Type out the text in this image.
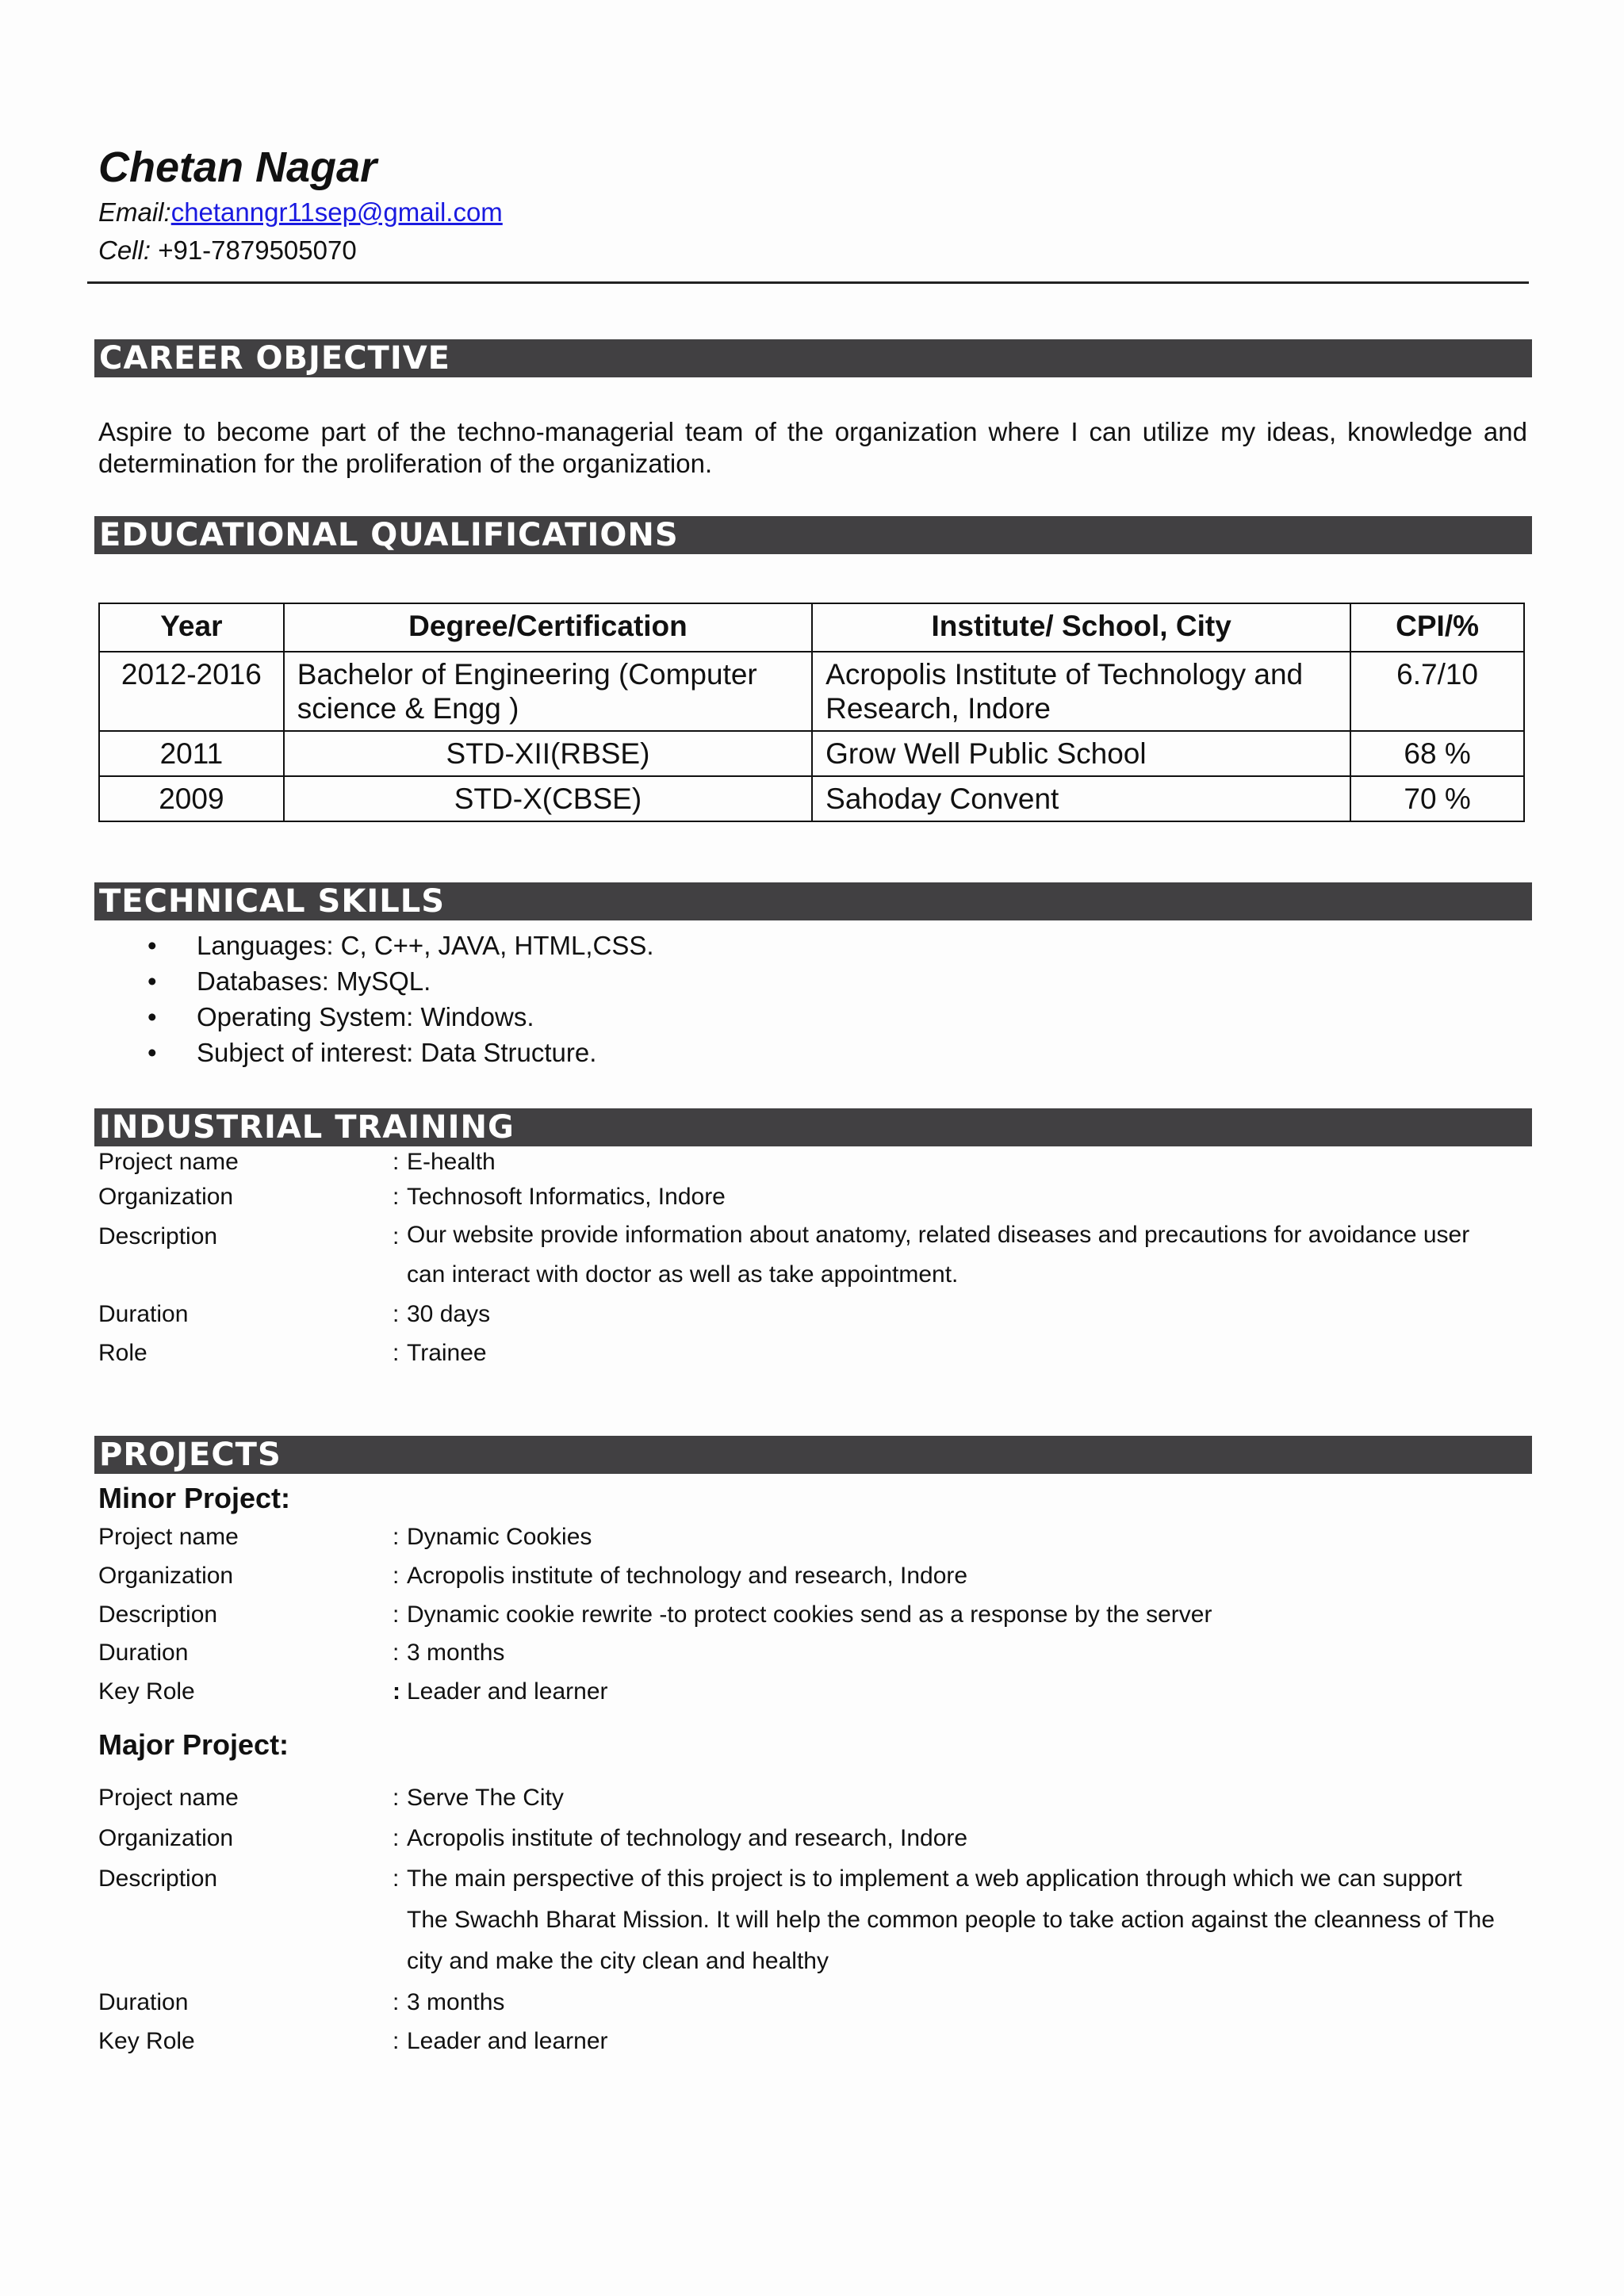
Chetan Nagar
Email:chetanngr11sep@gmail.com
Cell: +91-7879505070
CAREER OBJECTIVE
Aspire to become part of the techno-managerial team of the organization where I can utilize my ideas, knowledge and determination for the proliferation of the organization.
EDUCATIONAL QUALIFICATIONS
Year	Degree/Certification	Institute/ School, City	CPI/%
2012-2016	Bachelor of Engineering (Computer science & Engg )	Acropolis Institute of Technology and Research, Indore	6.7/10
2011	STD-XII(RBSE)	Grow Well Public School	68 %
2009	STD-X(CBSE)	Sahoday Convent	70 %
TECHNICAL SKILLS
• Languages: C, C++, JAVA, HTML,CSS.
• Databases: MySQL.
• Operating System: Windows.
• Subject of interest: Data Structure.
INDUSTRIAL TRAINING
Project name	: E-health
Organization	: Technosoft Informatics, Indore
Description	: Our website provide information about anatomy, related diseases and precautions for avoidance user can interact with doctor as well as take appointment.
Duration	: 30 days
Role	: Trainee
PROJECTS
Minor Project:
Project name	: Dynamic Cookies
Organization	: Acropolis institute of technology and research, Indore
Description	: Dynamic cookie rewrite -to protect cookies send as a response by the server
Duration	: 3 months
Key Role	: Leader and learner
Major Project:
Project name	: Serve The City
Organization	: Acropolis institute of technology and research, Indore
Description	: The main perspective of this project is to implement a web application through which we can support The Swachh Bharat Mission. It will help the common people to take action against the cleanness of The city and make the city clean and healthy
Duration	: 3 months
Key Role	: Leader and learner
